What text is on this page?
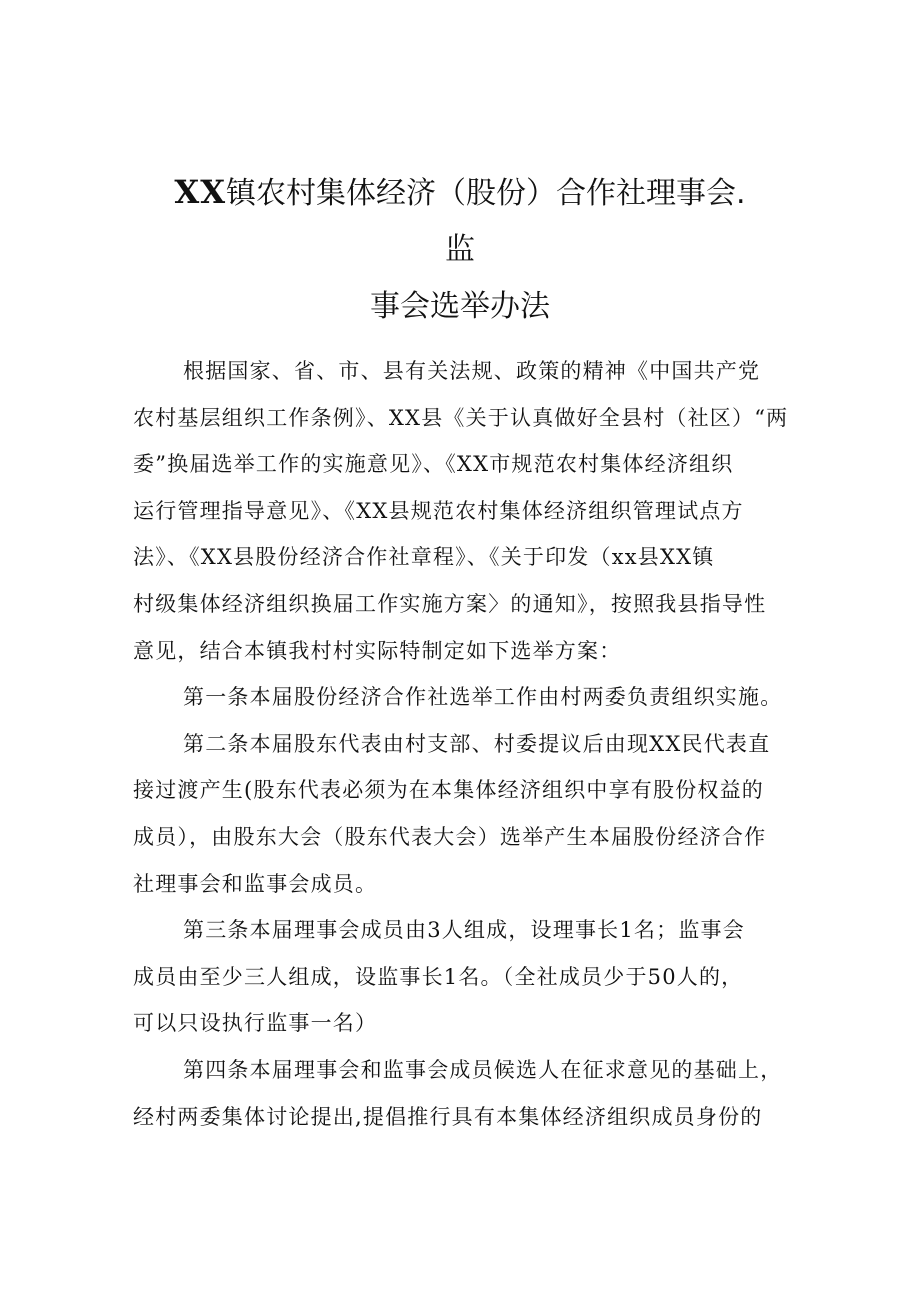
XX镇农村集体经济（股份）合作社理事会.
监
事会选举办法
根据国家、省、市、县有关法规、政策的精神《中国共产党
农村基层组织工作条例》、XX县《关于认真做好全县村（社区）“两
委”换届选举工作的实施意见》、《XX市规范农村集体经济组织
运行管理指导意见》、《XX县规范农村集体经济组织管理试点方
法》、《XX县股份经济合作社章程》、《关于印发（xx县XX镇
村级集体经济组织换届工作实施方案〉的通知》，按照我县指导性
意见，结合本镇我村村实际特制定如下选举方案：
第一条本届股份经济合作社选举工作由村两委负责组织实施。
第二条本届股东代表由村支部、村委提议后由现XX民代表直
接过渡产生(股东代表必须为在本集体经济组织中享有股份权益的
成员），由股东大会（股东代表大会）选举产生本届股份经济合作
社理事会和监事会成员。
第三条本届理事会成员由3人组成，设理事长1名；监事会
成员由至少三人组成，设监事长1名。（全社成员少于50人的，
可以只设执行监事一名）
第四条本届理事会和监事会成员候选人在征求意见的基础上，
经村两委集体讨论提出,提倡推行具有本集体经济组织成员身份的
